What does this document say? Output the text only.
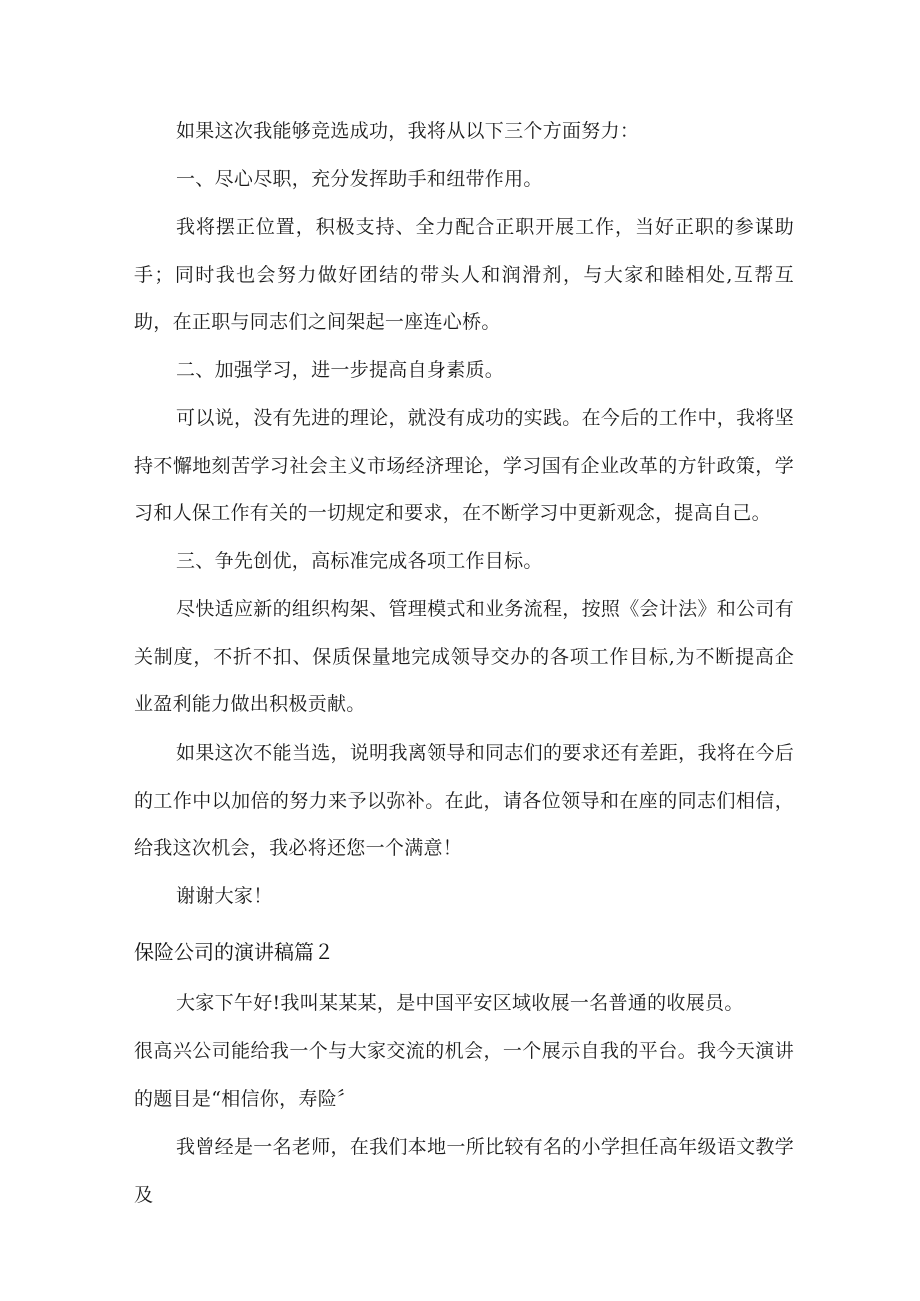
如果这次我能够竞选成功，我将从以下三个方面努力：

一、尽心尽职，充分发挥助手和纽带作用。

我将摆正位置，积极支持、全力配合正职开展工作，当好正职的参谋助手；同时我也会努力做好团结的带头人和润滑剂，与大家和睦相处,互帮互助，在正职与同志们之间架起一座连心桥。

二、加强学习，进一步提高自身素质。

可以说，没有先进的理论，就没有成功的实践。在今后的工作中，我将坚持不懈地刻苦学习社会主义市场经济理论，学习国有企业改革的方针政策，学习和人保工作有关的一切规定和要求，在不断学习中更新观念，提高自己。

三、争先创优，高标准完成各项工作目标。

尽快适应新的组织构架、管理模式和业务流程，按照《会计法》和公司有关制度，不折不扣、保质保量地完成领导交办的各项工作目标,为不断提高企业盈利能力做出积极贡献。

如果这次不能当选，说明我离领导和同志们的要求还有差距，我将在今后的工作中以加倍的努力来予以弥补。在此，请各位领导和在座的同志们相信，给我这次机会，我必将还您一个满意！

谢谢大家！

保险公司的演讲稿篇２

大家下午好!我叫某某某，是中国平安区域收展一名普通的收展员。

很高兴公司能给我一个与大家交流的机会，一个展示自我的平台。我今天演讲的题目是“相信你，寿险〞

我曾经是一名老师，在我们本地一所比较有名的小学担任高年级语文教学及
